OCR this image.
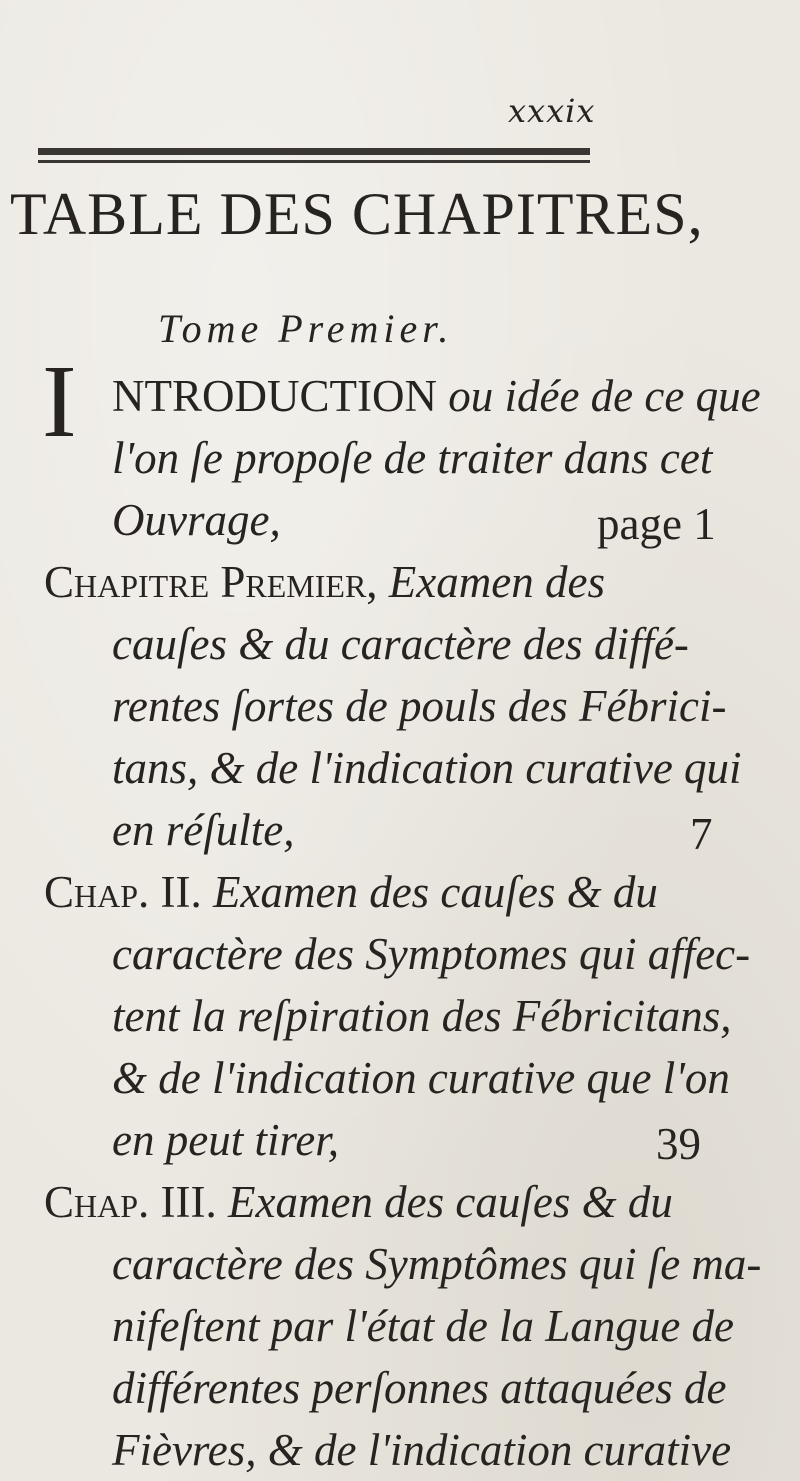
xxxix
TABLE DES CHAPITRES,
Tome Premier.
I NTRODUCTION ou idée de ce que
l'on ſe propoſe de traiter dans cet
Ouvrage,	page 1
Chapitre Premier, Examen des
cauſes & du caractère des diffé-
rentes ſortes de pouls des Fébrici-
tans, & de l'indication curative qui
en réſulte,	7
Chap. II. Examen des cauſes & du
caractère des Symptomes qui affec-
tent la reſpiration des Fébricitans,
& de l'indication curative que l'on
en peut tirer,	39
Chap. III. Examen des cauſes & du
caractère des Symptômes qui ſe ma-
nifeſtent par l'état de la Langue de
différentes perſonnes attaquées de
Fièvres, & de l'indication curative
